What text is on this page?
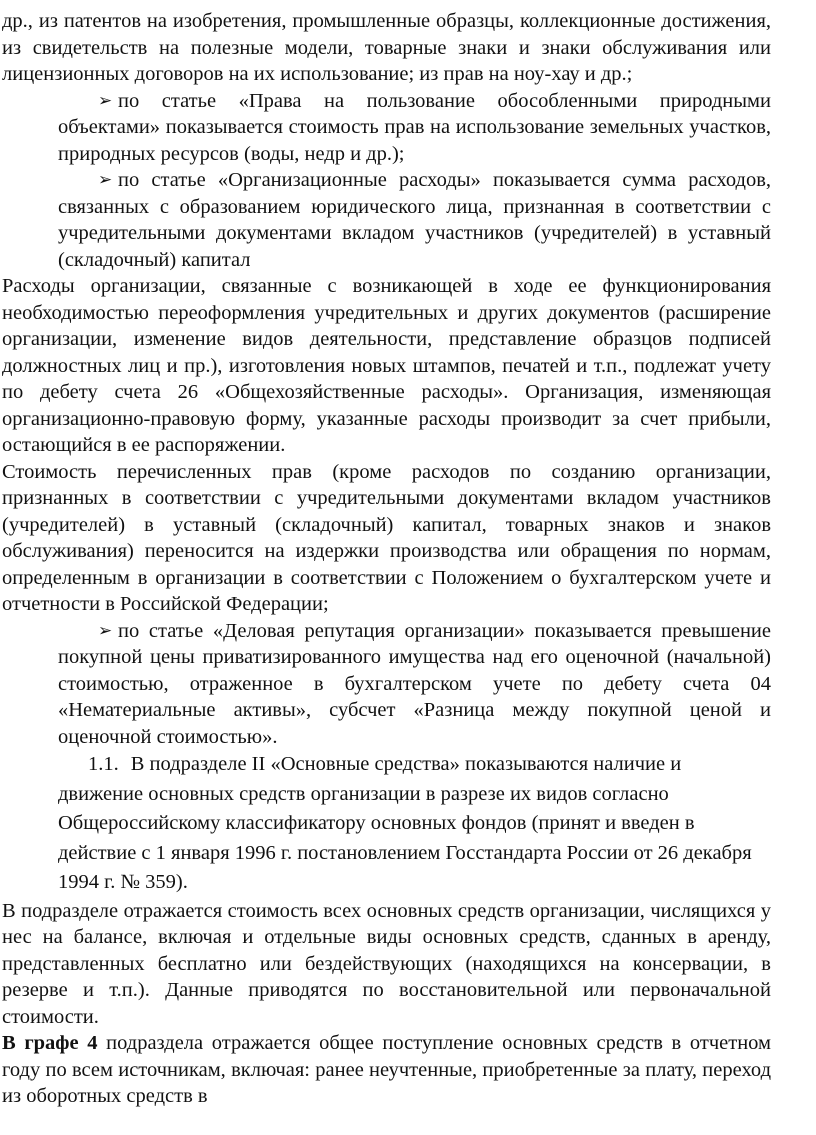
др., из патентов на изобретения, промышленные образцы, коллекционные достижения, из свидетельств на полезные модели, товарные знаки и знаки обслуживания или лицензионных договоров на их использование; из прав на ноу-хау и др.;

➢ по статье «Права на пользование обособленными природными объектами» показывается стоимость прав на использование земельных участков, природных ресурсов (воды, недр и др.);

➢ по статье «Организационные расходы» показывается сумма расходов, связанных с образованием юридического лица, признанная в соответствии с учредительными документами вкладом участников (учредителей) в уставный (складочный) капитал

Расходы организации, связанные с возникающей в ходе ее функционирования необходимостью переоформления учредительных и других документов (расширение организации, изменение видов деятельности, представление образцов подписей должностных лиц и пр.), изготовления новых штампов, печатей и т.п., подлежат учету по дебету счета 26 «Общехозяйственные расходы». Организация, изменяющая организационно-правовую форму, указанные расходы производит за счет прибыли, остающийся в ее распоряжении.

Стоимость перечисленных прав (кроме расходов по созданию организации, признанных в соответствии с учредительными документами вкладом участников (учредителей) в уставный (складочный) капитал, товарных знаков и знаков обслуживания) переносится на издержки производства или обращения по нормам, определенным в организации в соответствии с Положением о бухгалтерском учете и отчетности в Российской Федерации;

➢ по статье «Деловая репутация организации» показывается превышение покупной цены приватизированного имущества над его оценочной (начальной) стоимостью, отраженное в бухгалтерском учете по дебету счета 04 «Нематериальные активы», субсчет «Разница между покупной ценой и оценочной стоимостью».

1.1. В подразделе II «Основные средства» показываются наличие и движение основных средств организации в разрезе их видов согласно Общероссийскому классификатору основных фондов (принят и введен в действие с 1 января 1996 г. постановлением Госстандарта России от 26 декабря 1994 г. № 359).

В подразделе отражается стоимость всех основных средств организации, числящихся у нес на балансе, включая и отдельные виды основных средств, сданных в аренду, представленных бесплатно или бездействующих (находящихся на консервации, в резерве и т.п.). Данные приводятся по восстановительной или первоначальной стоимости.

В графе 4 подраздела отражается общее поступление основных средств в отчетном году по всем источникам, включая: ранее неучтенные, приобретенные за плату, переход из оборотных средств в
